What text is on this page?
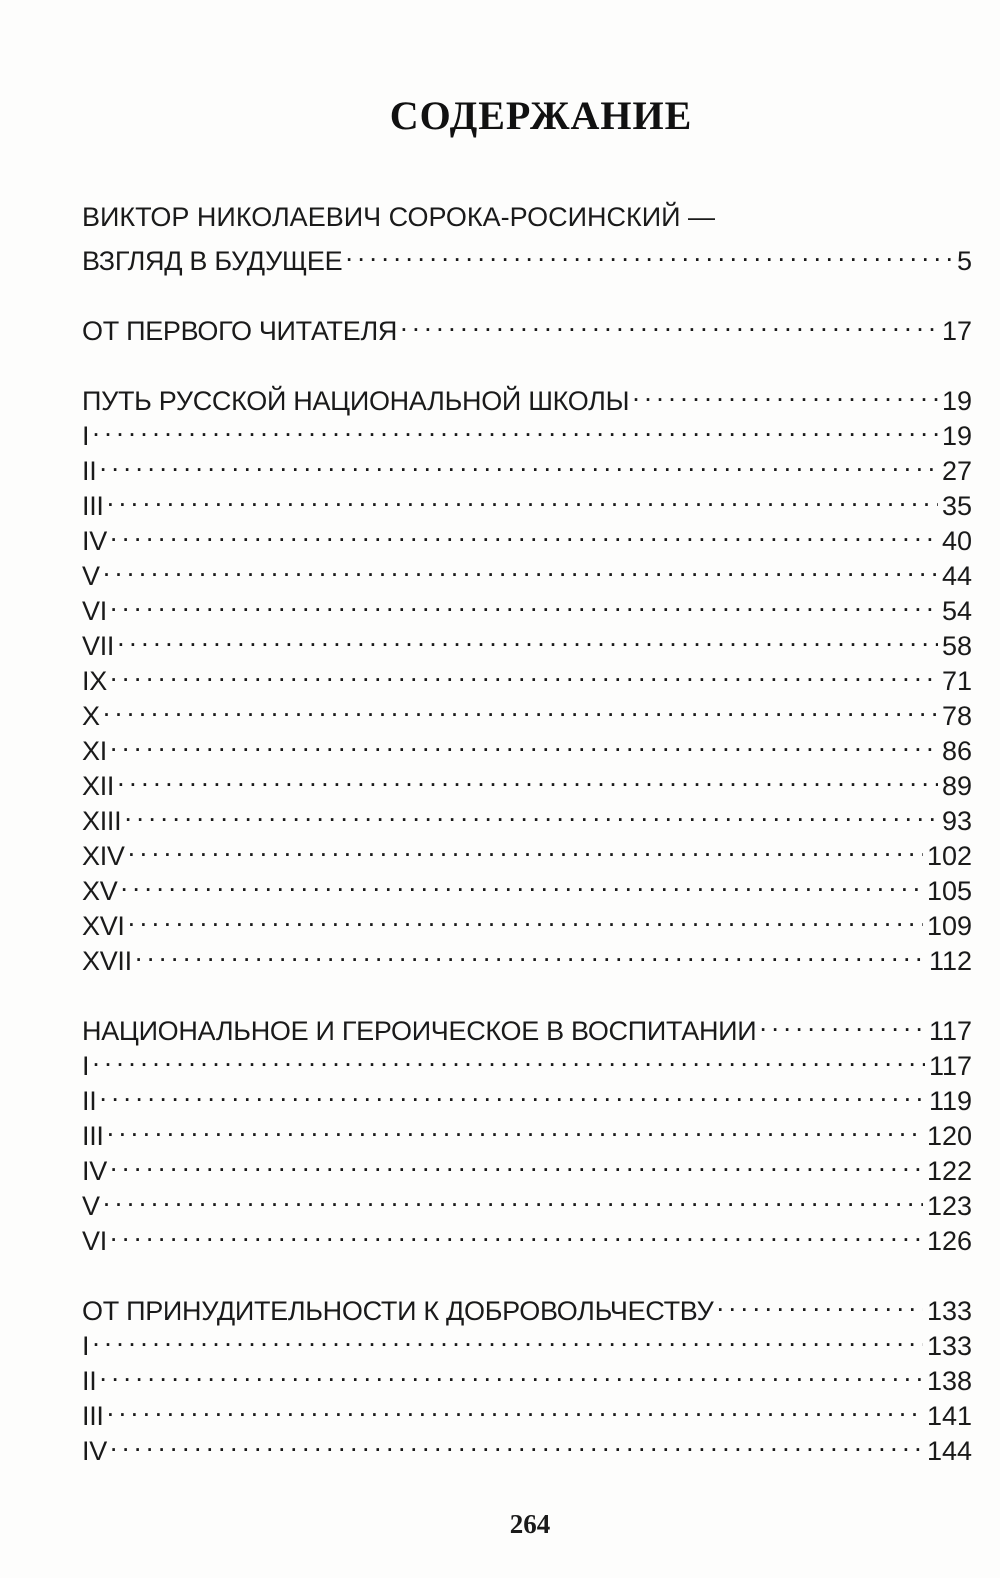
СОДЕРЖАНИЕ
ВИКТОР НИКОЛАЕВИЧ СОРОКА-РОСИНСКИЙ —
ВЗГЛЯД В БУДУЩЕЕ . . .	5
ОТ ПЕРВОГО ЧИТАТЕЛЯ . . .	17
ПУТЬ РУССКОЙ НАЦИОНАЛЬНОЙ ШКОЛЫ . . .	19
I . . .	19
II . . .	27
III . . .	35
IV . . .	40
V . . .	44
VI . . .	54
VII . . .	58
IX . . .	71
X . . .	78
XI . . .	86
XII . . .	89
XIII . . .	93
XIV . . .	102
XV . . .	105
XVI . . .	109
XVII . . .	112
НАЦИОНАЛЬНОЕ И ГЕРОИЧЕСКОЕ В ВОСПИТАНИИ . . .	117
I . . .	117
II . . .	119
III . . .	120
IV . . .	122
V . . .	123
VI . . .	126
ОТ ПРИНУДИТЕЛЬНОСТИ К ДОБРОВОЛЬЧЕСТВУ . . .	133
I . . .	133
II . . .	138
III . . .	141
IV . . .	144
264
